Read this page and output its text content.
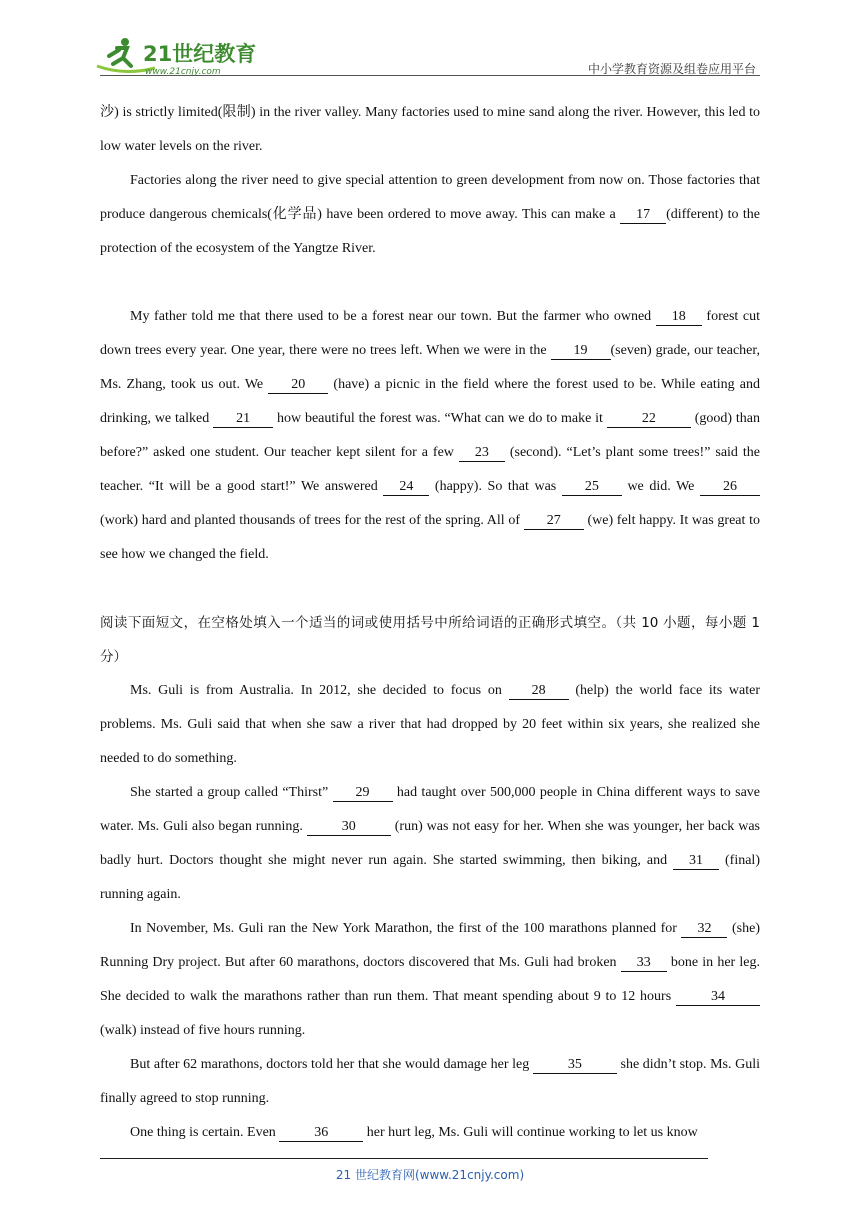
21世纪教育
www.21cnjy.com	中小学教育资源及组卷应用平台

沙) is strictly limited(限制) in the river valley. Many factories used to mine sand along the river. However, this led to low water levels on the river.

Factories along the river need to give special attention to green development from now on. Those factories that produce dangerous chemicals(化学品) have been ordered to move away. This can make a 17 (different) to the protection of the ecosystem of the Yangtze River.

My father told me that there used to be a forest near our town. But the farmer who owned 18 forest cut down trees every year. One year, there were no trees left. When we were in the 19 (seven) grade, our teacher, Ms. Zhang, took us out. We 20 (have) a picnic in the field where the forest used to be. While eating and drinking, we talked 21 how beautiful the forest was. “What can we do to make it	22	(good) than before?” asked one student. Our teacher kept silent for a few 23 (second). “Let’s plant some trees!” said the teacher. “It will be a good start!” We answered 24 (happy). So that was 25 we did. We 26 (work) hard and planted thousands of trees for the rest of the spring. All of 27 (we) felt happy. It was great to see how we changed the field.

阅读下面短文，在空格处填入一个适当的词或使用括号中所给词语的正确形式填空。（共 10 小题，每小题 1 分）

Ms. Guli is from Australia. In 2012, she decided to focus on 28 (help) the world face its water problems. Ms. Guli said that when she saw a river that had dropped by 20 feet within six years, she realized she needed to do something.

She started a group called “Thirst” 29 had taught over 500,000 people in China different ways to save water. Ms. Guli also began running.	30	(run) was not easy for her. When she was younger, her back was badly hurt. Doctors thought she might never run again. She started swimming, then biking, and 31 (final) running again.

In November, Ms. Guli ran the New York Marathon, the first of the 100 marathons planned for 32 (she) Running Dry project. But after 60 marathons, doctors discovered that Ms. Guli had broken 33 bone in her leg. She decided to walk the marathons rather than run them. That meant spending about 9 to 12 hours	34 (walk) instead of five hours running.

But after 62 marathons, doctors told her that she would damage her leg	35	she didn’t stop. Ms. Guli finally agreed to stop running.

One thing is certain. Even	36	her hurt leg, Ms. Guli will continue working to let us know

21 世纪教育网(www.21cnjy.com)
